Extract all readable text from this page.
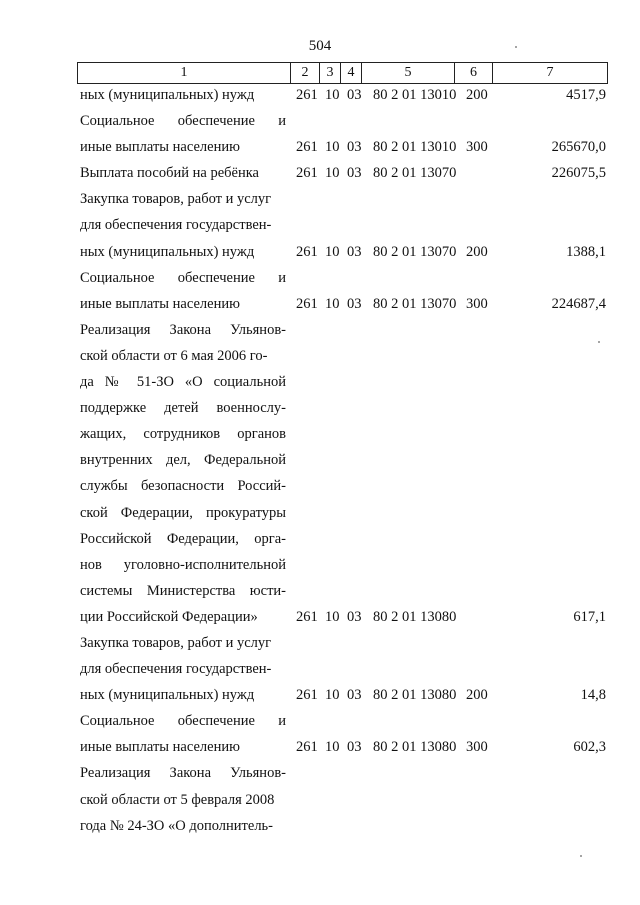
504
1	2	3	4	5	6	7
ных (муниципальных) нужд	261 10 03 80 2 01 13010 200	4517,9
Социальное обеспечение и
иные выплаты населению	261 10 03 80 2 01 13010 300	265670,0
Выплата пособий на ребёнка	261 10 03 80 2 01 13070	226075,5
Закупка товаров, работ и услуг
для обеспечения государствен-
ных (муниципальных) нужд	261 10 03 80 2 01 13070 200	1388,1
Социальное обеспечение и
иные выплаты населению	261 10 03 80 2 01 13070 300	224687,4
Реализация Закона Ульянов-
ской области от 6 мая 2006 го-
да № 51-ЗО «О социальной
поддержке детей военнослу-
жащих, сотрудников органов
внутренних дел, Федеральной
службы безопасности Россий-
ской Федерации, прокуратуры
Российской Федерации, орга-
нов уголовно-исполнительной
системы Министерства юсти-
ции Российской Федерации»	261 10 03 80 2 01 13080	617,1
Закупка товаров, работ и услуг
для обеспечения государствен-
ных (муниципальных) нужд	261 10 03 80 2 01 13080 200	14,8
Социальное обеспечение и
иные выплаты населению	261 10 03 80 2 01 13080 300	602,3
Реализация Закона Ульянов-
ской области от 5 февраля 2008
года № 24-ЗО «О дополнитель-
